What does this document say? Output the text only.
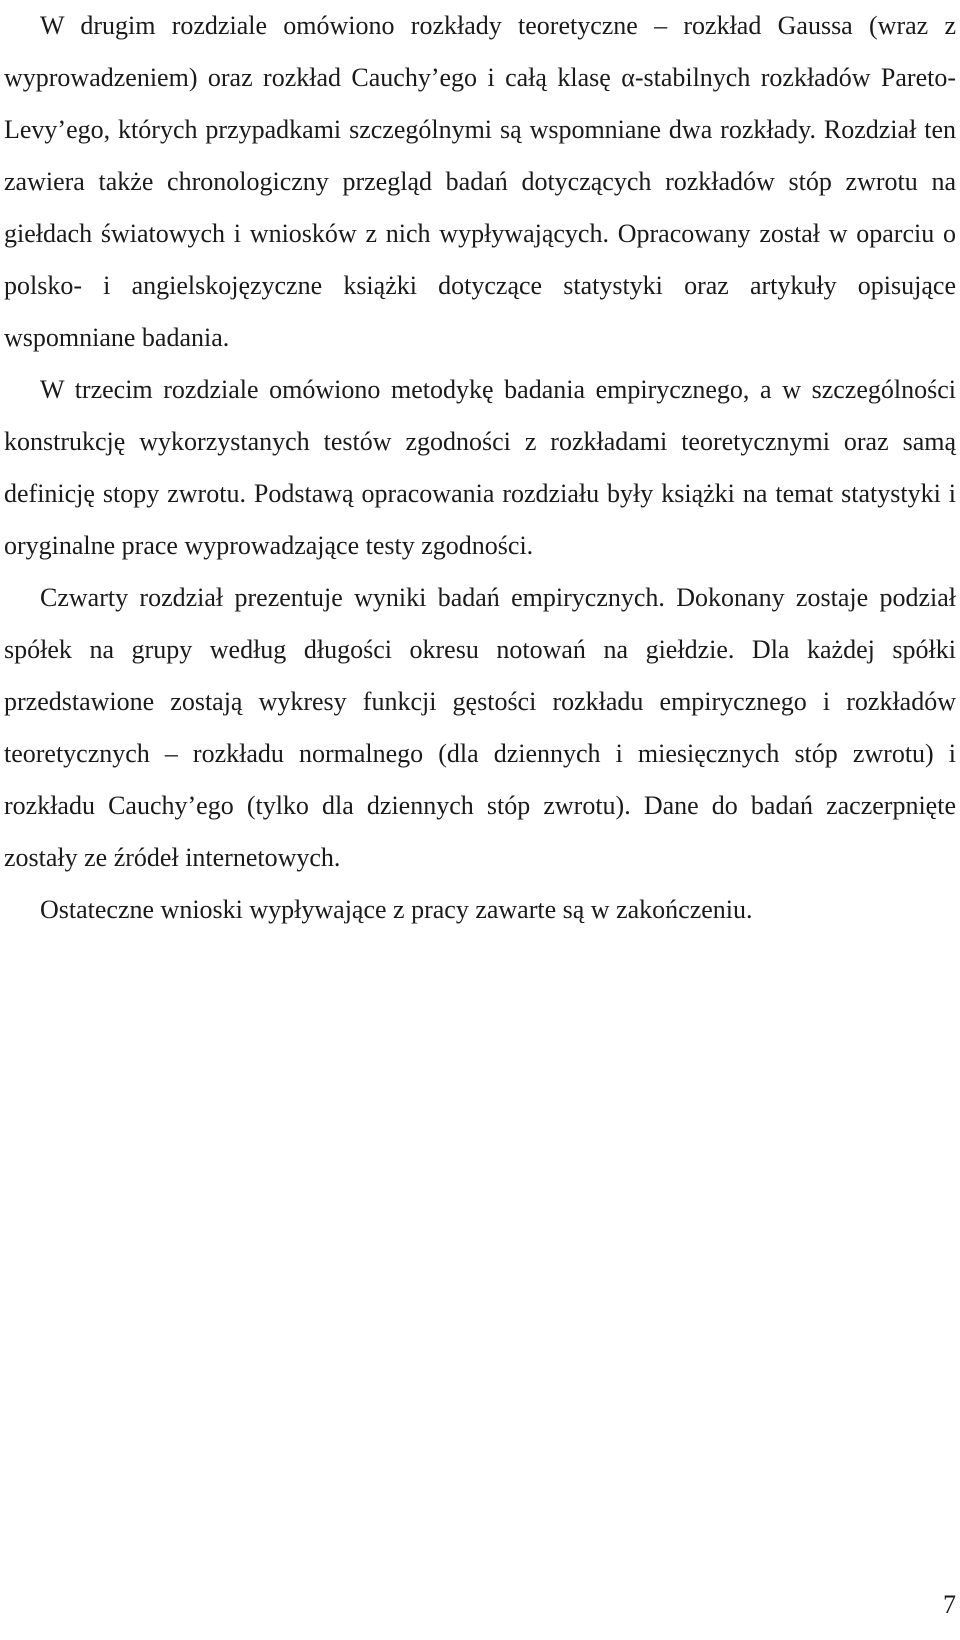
W drugim rozdziale omówiono rozkłady teoretyczne – rozkład Gaussa (wraz z wyprowadzeniem) oraz rozkład Cauchy’ego i całą klasę α-stabilnych rozkładów Pareto-Levy’ego, których przypadkami szczególnymi są wspomniane dwa rozkłady. Rozdział ten zawiera także chronologiczny przegląd badań dotyczących rozkładów stóp zwrotu na giełdach światowych i wniosków z nich wypływających. Opracowany został w oparciu o polsko- i angielskojęzyczne książki dotyczące statystyki oraz artykuły opisujące wspomniane badania.

W trzecim rozdziale omówiono metodykę badania empirycznego, a w szczególności konstrukcję wykorzystanych testów zgodności z rozkładami teoretycznymi oraz samą definicję stopy zwrotu. Podstawą opracowania rozdziału były książki na temat statystyki i oryginalne prace wyprowadzające testy zgodności.

Czwarty rozdział prezentuje wyniki badań empirycznych. Dokonany zostaje podział spółek na grupy według długości okresu notowań na giełdzie. Dla każdej spółki przedstawione zostają wykresy funkcji gęstości rozkładu empirycznego i rozkładów teoretycznych – rozkładu normalnego (dla dziennych i miesięcznych stóp zwrotu) i rozkładu Cauchy’ego (tylko dla dziennych stóp zwrotu). Dane do badań zaczerpnięte zostały ze źródeł internetowych.

Ostateczne wnioski wypływające z pracy zawarte są w zakończeniu.

7
